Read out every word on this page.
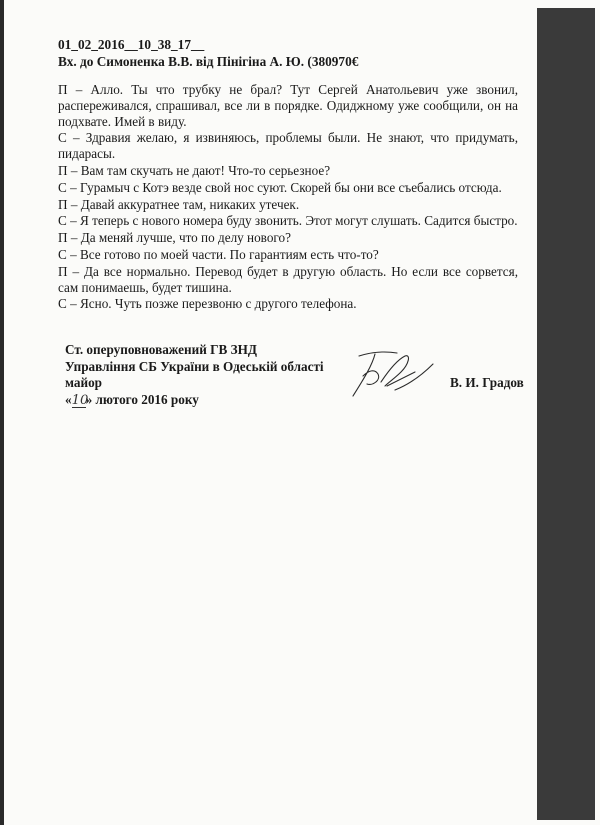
01_02_2016__10_38_17__
Вх. до Симоненка В.В. від Пінігіна А. Ю. (380970€

П – Алло. Ты что трубку не брал? Тут Сергей Анатольевич уже звонил, распереживался, спрашивал, все ли в порядке. Одиджному уже сообщили, он на подхвате. Имей в виду.

С – Здравия желаю, я извиняюсь, проблемы были. Не знают, что придумать, пидарасы.

П – Вам там скучать не дают! Что-то серьезное?

С – Гурамыч с Котэ везде свой нос суют. Скорей бы они все съебались отсюда.

П – Давай аккуратнее там, никаких утечек.

С – Я теперь с нового номера буду звонить. Этот могут слушать. Садится быстро.

П – Да меняй лучше, что по делу нового?

С – Все готово по моей части. По гарантиям есть что-то?

П – Да все нормально. Перевод будет в другую область. Но если все сорвется, сам понимаешь, будет тишина.

С – Ясно. Чуть позже перезвоню с другого телефона.

Ст. оперуповноважений ГВ ЗНД
Управління СБ України в Одеській області
майор
«10» лютого 2016 року
В. И. Градов
